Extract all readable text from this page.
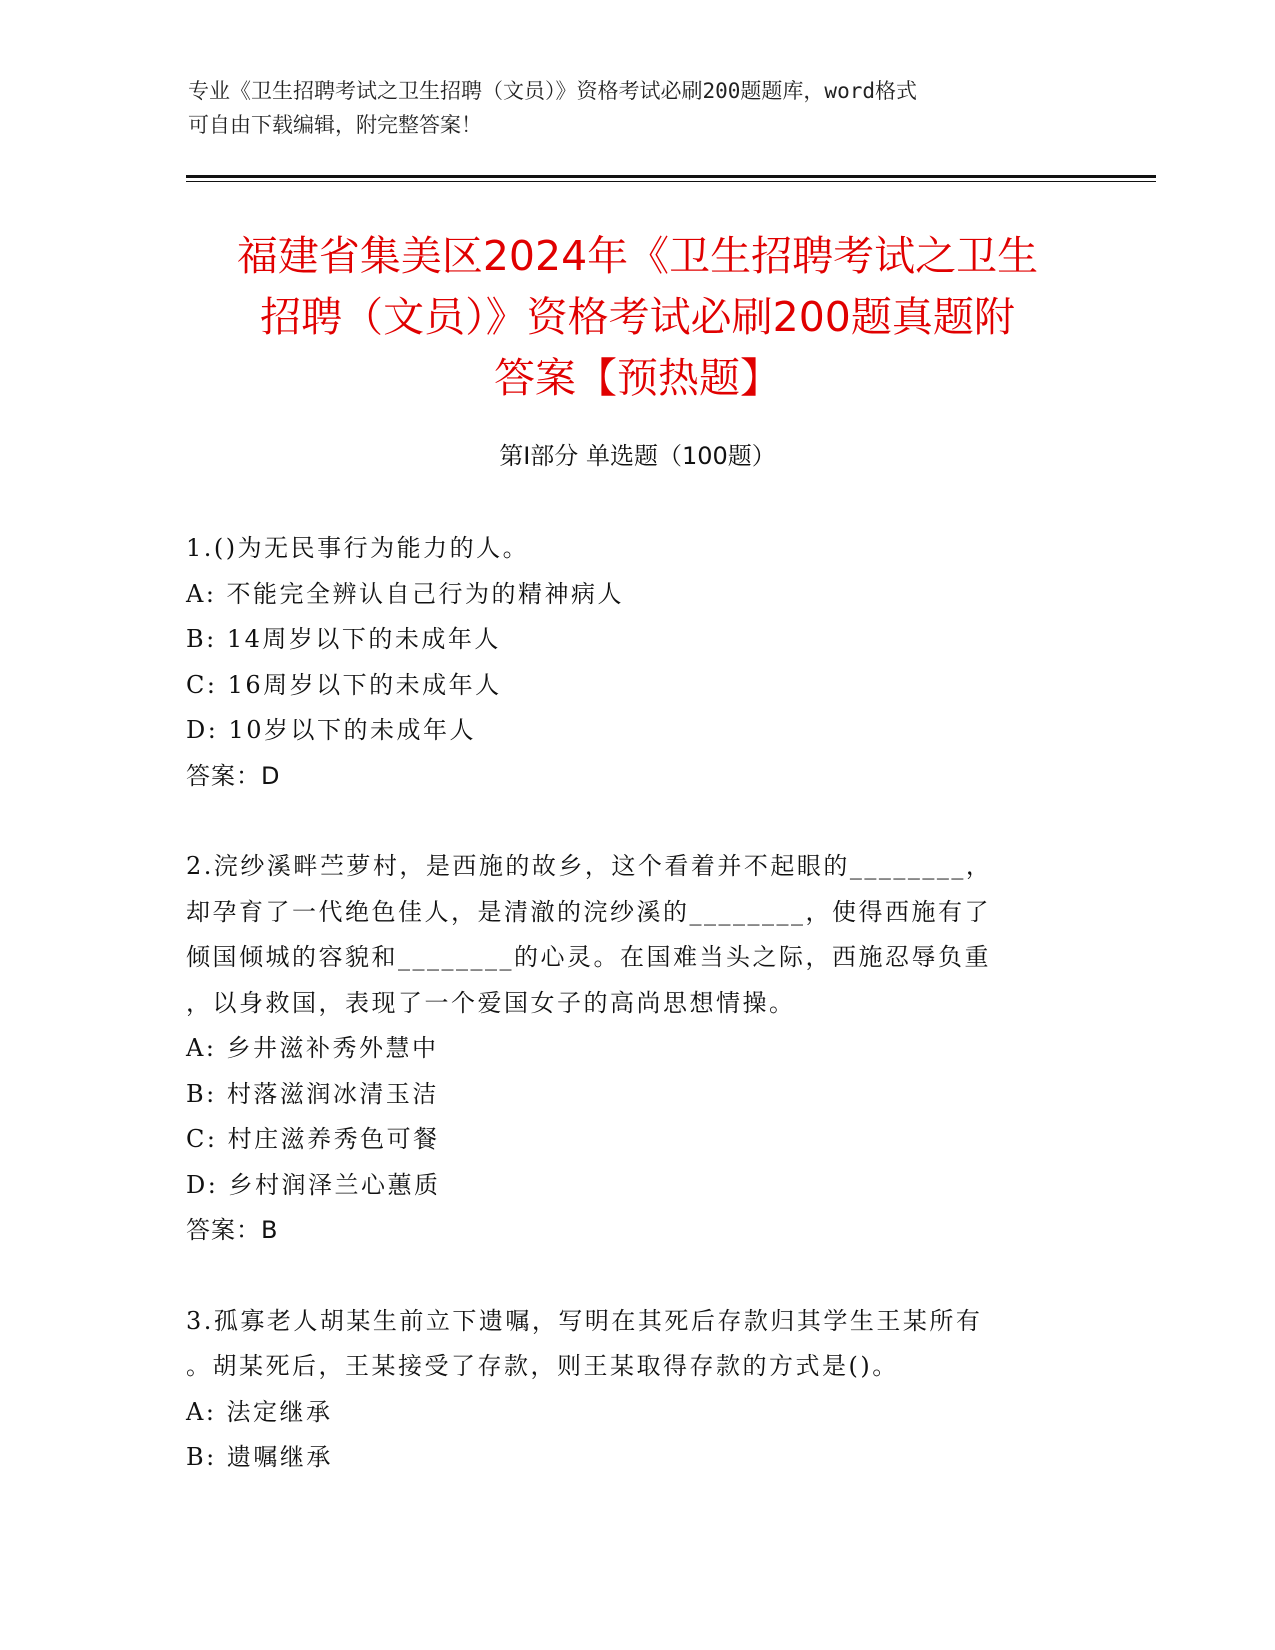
专业《卫生招聘考试之卫生招聘（文员）》资格考试必刷200题题库，word格式
可自由下载编辑，附完整答案！
福建省集美区2024年《卫生招聘考试之卫生
招聘（文员）》资格考试必刷200题真题附
答案【预热题】
第I部分 单选题（100题）
1.()为无民事行为能力的人。
A: 不能完全辨认自己行为的精神病人
B: 14周岁以下的未成年人
C: 16周岁以下的未成年人
D: 10岁以下的未成年人
答案：D
2.浣纱溪畔苎萝村，是西施的故乡，这个看着并不起眼的________，
却孕育了一代绝色佳人，是清澈的浣纱溪的________，使得西施有了
倾国倾城的容貌和________的心灵。在国难当头之际，西施忍辱负重
，以身救国，表现了一个爱国女子的高尚思想情操。
A: 乡井滋补秀外慧中
B: 村落滋润冰清玉洁
C: 村庄滋养秀色可餐
D: 乡村润泽兰心蕙质
答案：B
3.孤寡老人胡某生前立下遗嘱，写明在其死后存款归其学生王某所有
。胡某死后，王某接受了存款，则王某取得存款的方式是()。
A: 法定继承
B: 遗嘱继承
